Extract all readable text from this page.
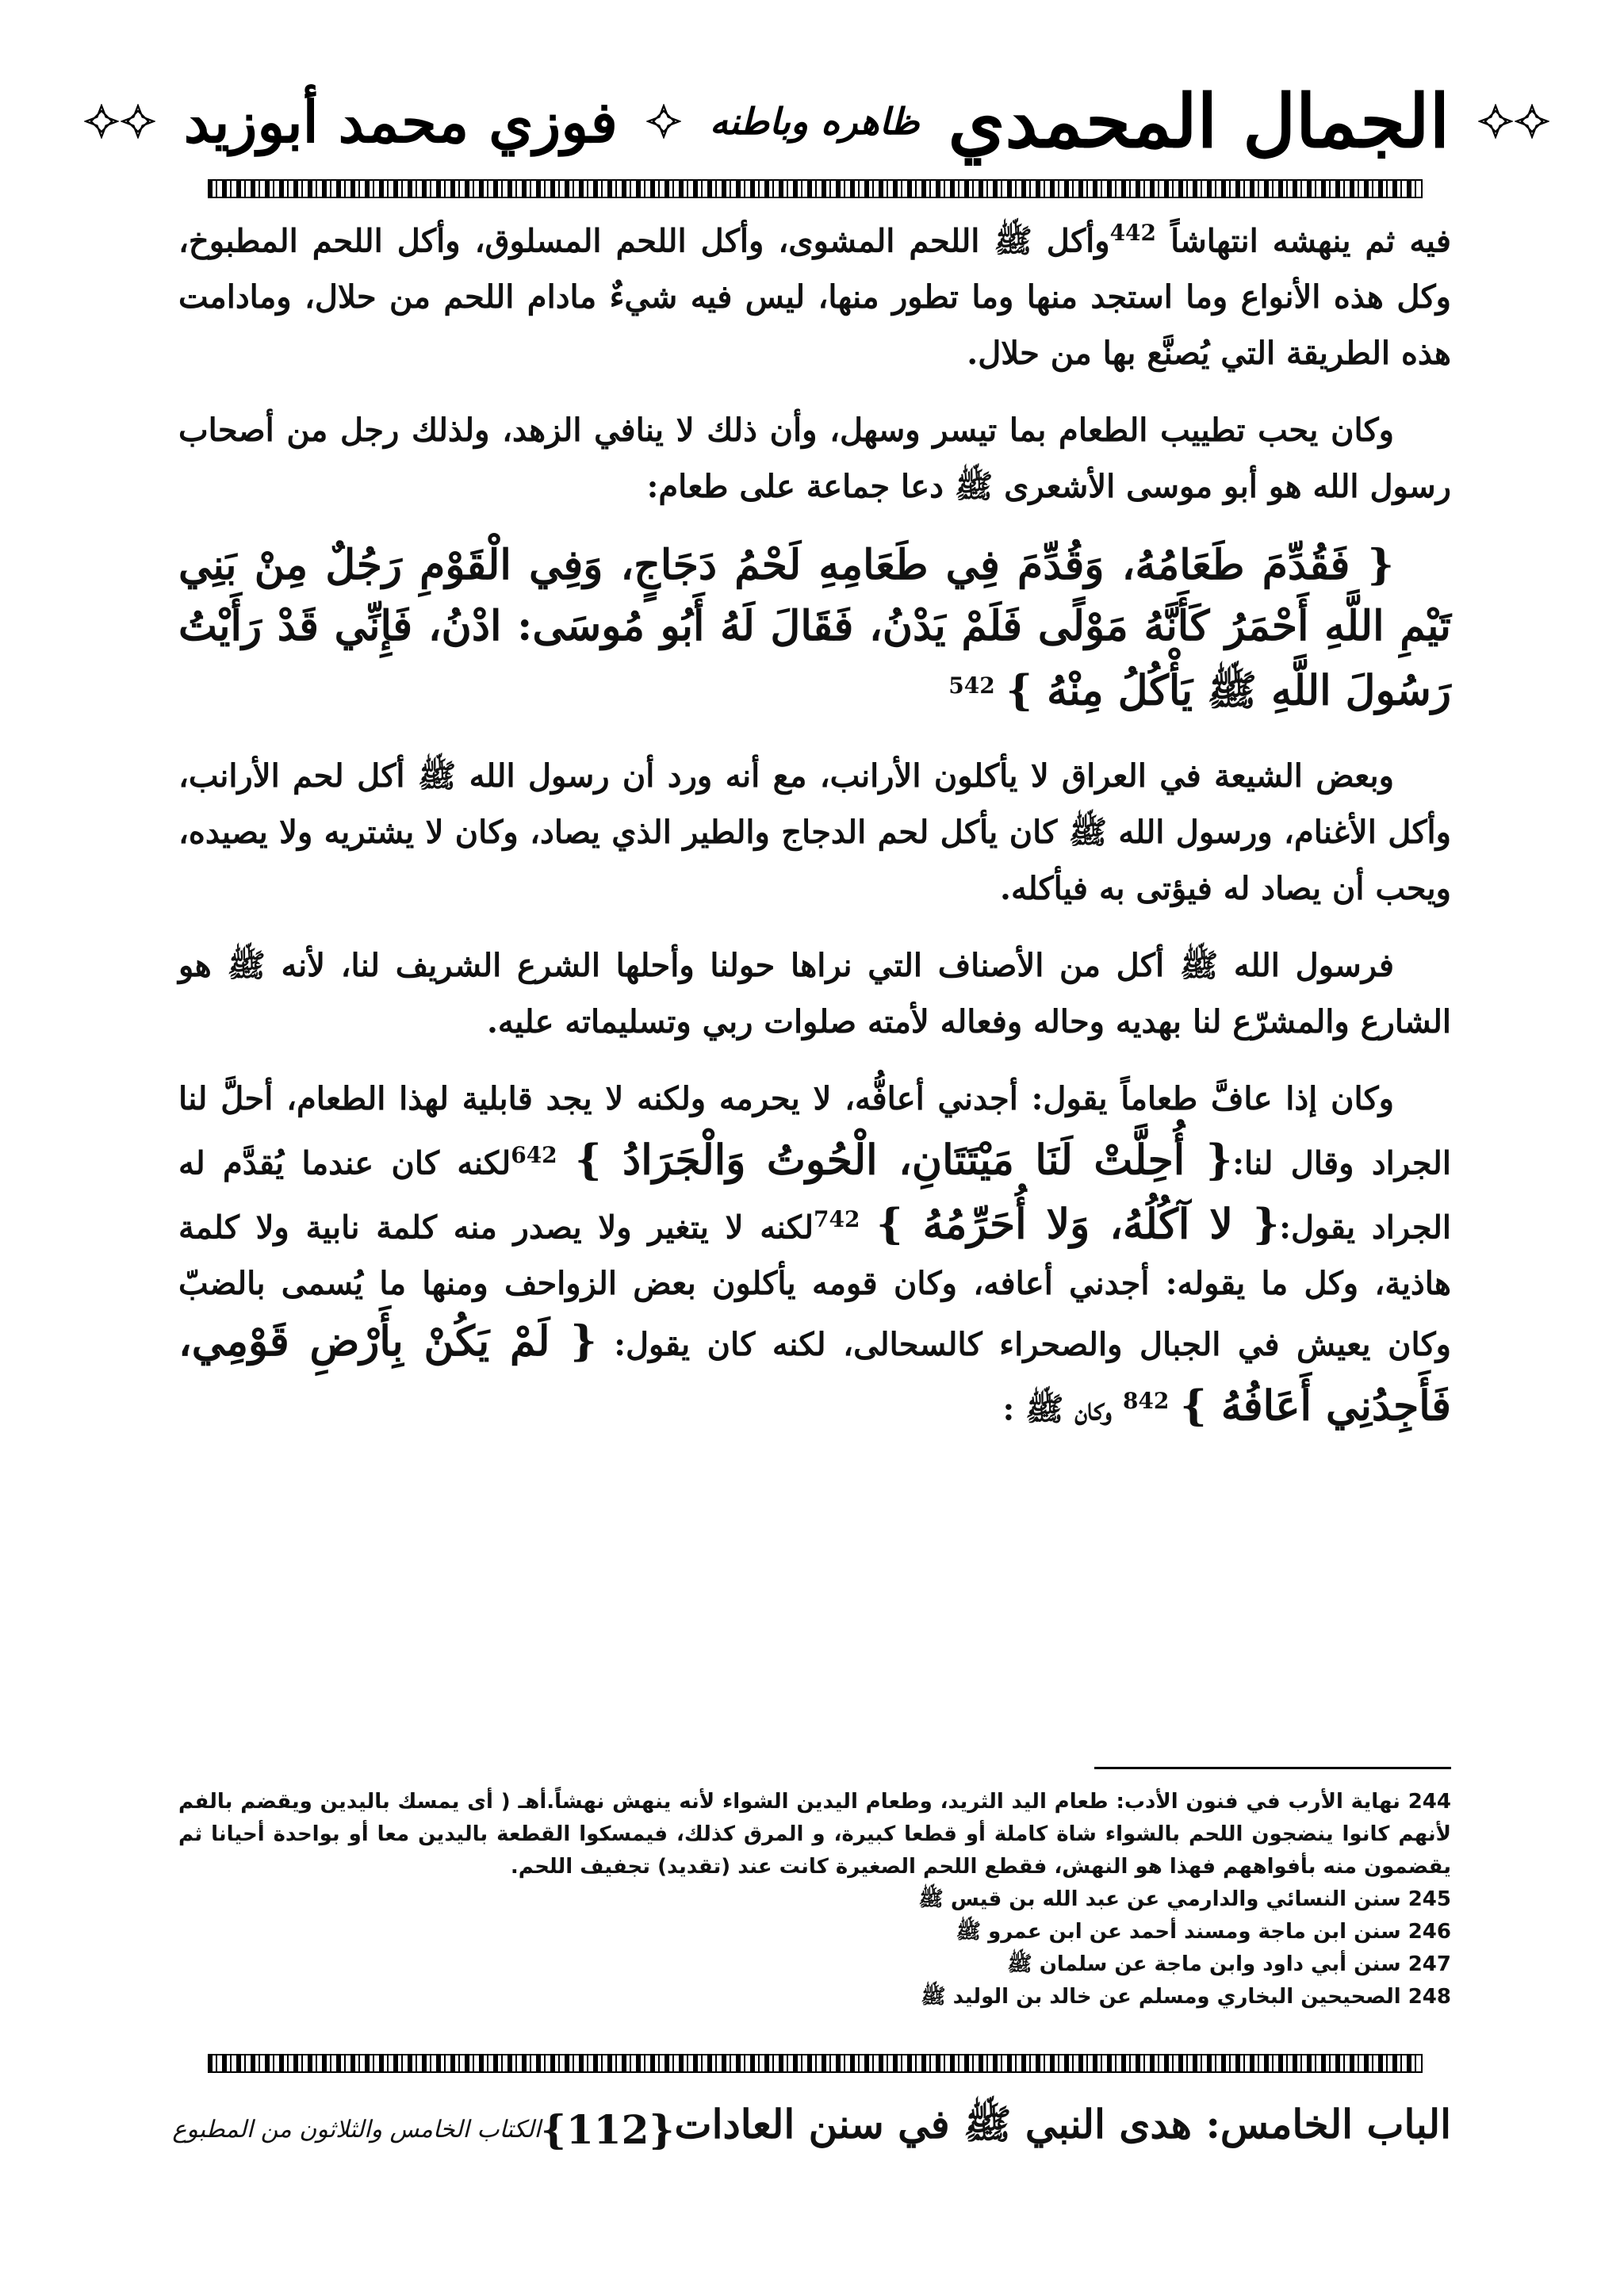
الجمال المحمدي
ظاهره وباطنه
فوزي محمد أبوزيد

فيه ثم ينهشه انتهاشاً $^{442}$وأكل ﷺ اللحم المشوى، وأكل اللحم المسلوق، وأكل اللحم المطبوخ، وكل هذه الأنواع وما استجد منها وما تطور منها، ليس فيه شيءٌ مادام اللحم من حلال، ومادامت هذه الطريقة التي يُصنَّع بها من حلال.

وكان يحب تطييب الطعام بما تيسر وسهل، وأن ذلك لا ينافي الزهد، ولذلك رجل من أصحاب رسول الله هو أبو موسى الأشعرى ﷺ دعا جماعة على طعام:

{ فَقُدِّمَ طَعَامُهُ، وَقُدِّمَ فِي طَعَامِهِ لَحْمُ دَجَاجٍ، وَفِي الْقَوْمِ رَجُلٌ مِنْ بَنِي تَيْمِ اللَّهِ أَحْمَرُ كَأَنَّهُ مَوْلًى فَلَمْ يَدْنُ، فَقَالَ لَهُ أَبُو مُوسَى: ادْنُ، فَإِنِّي قَدْ رَأَيْتُ رَسُولَ اللَّهِ ﷺ يَأْكُلُ مِنْهُ } $^{542}$

وبعض الشيعة في العراق لا يأكلون الأرانب، مع أنه ورد أن رسول الله ﷺ أكل لحم الأرانب، وأكل الأغنام، ورسول الله ﷺ كان يأكل لحم الدجاج والطير الذي يصاد، وكان لا يشتريه ولا يصيده، ويحب أن يصاد له فيؤتى به فيأكله.

فرسول الله ﷺ أكل من الأصناف التي نراها حولنا وأحلها الشرع الشريف لنا، لأنه ﷺ هو الشارع والمشرّع لنا بهديه وحاله وفعاله لأمته صلوات ربي وتسليماته عليه.

وكان إذا عافَّ طعاماً يقول: أجدني أعافُّه، لا يحرمه ولكنه لا يجد قابلية لهذا الطعام، أحلَّ لنا الجراد وقال لنا:{ أُحِلَّتْ لَنَا مَيْتَتَانِ، الْحُوتُ وَالْجَرَادُ } $^{642}$لكنه كان عندما يُقدَّم له الجراد يقول:{ لا آكُلُهُ، وَلا أُحَرِّمُهُ } $^{742}$لكنه لا يتغير ولا يصدر منه كلمة نابية ولا كلمة هاذية، وكل ما يقوله: أجدني أعافه، وكان قومه يأكلون بعض الزواحف ومنها ما يُسمى بالضبّ وكان يعيش في الجبال والصحراء كالسحالى، لكنه كان يقول: { لَمْ يَكُنْ بِأَرْضِ قَوْمِي، فَأَجِدُنِي أَعَافُهُ } $^{842}$ وكان ﷺ :

244 نهاية الأرب في فنون الأدب: طعام اليد الثريد، وطعام اليدين الشواء لأنه ينهش نهشاً.أهـ ( أى يمسك باليدين ويقضم بالفم لأنهم كانوا ينضجون اللحم بالشواء شاة كاملة أو قطعا كبيرة، و المرق كذلك، فيمسكوا القطعة باليدين معا أو بواحدة أحيانا ثم يقضمون منه بأفواههم فهذا هو النهش، فقطع اللحم الصغيرة كانت عند (تقديد) تجفيف اللحم.

245 سنن النسائي والدارمي عن عبد الله بن قيس ﷺ

246 سنن ابن ماجة ومسند أحمد عن ابن عمرو ﷺ

247 سنن أبي داود وابن ماجة عن سلمان ﷺ

248 الصحيحين البخاري ومسلم عن خالد بن الوليد ﷺ

الباب الخامس: هدى النبي ﷺ في سنن العادات
{112}
الكتاب الخامس والثلاثون من المطبوع
